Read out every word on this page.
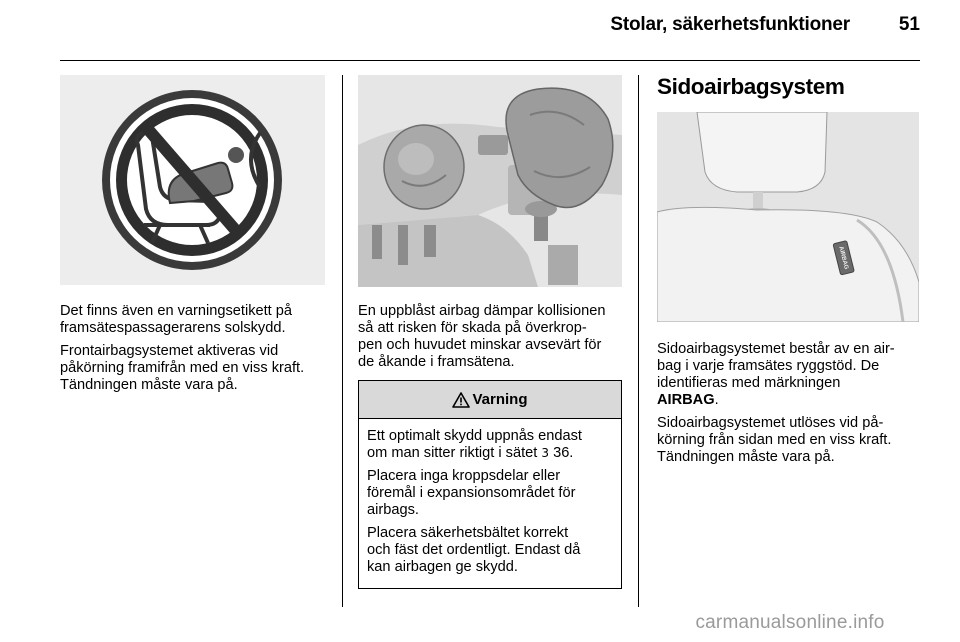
Stolar, säkerhetsfunktioner	51

Det finns även en varningsetikett på
framsätespassagerarens solskydd.

Frontairbagsystemet aktiveras vid
påkörning framifrån med en viss kraft.
Tändningen måste vara på.

En uppblåst airbag dämpar kollisionen
så att risken för skada på överkrop-
pen och huvudet minskar avsevärt för
de åkande i framsätena.

Varning

Ett optimalt skydd uppnås endast
om man sitter riktigt i sätet 3 36.

Placera inga kroppsdelar eller
föremål i expansionsområdet för
airbags.

Placera säkerhetsbältet korrekt
och fäst det ordentligt. Endast då
kan airbagen ge skydd.

Sidoairbagsystem
AIRBAG

Sidoairbagsystemet består av en air-
bag i varje framsätes ryggstöd. De
identifieras med märkningen
AIRBAG.

Sidoairbagsystemet utlöses vid på-
körning från sidan med en viss kraft.
Tändningen måste vara på.

carmanualsonline.info
